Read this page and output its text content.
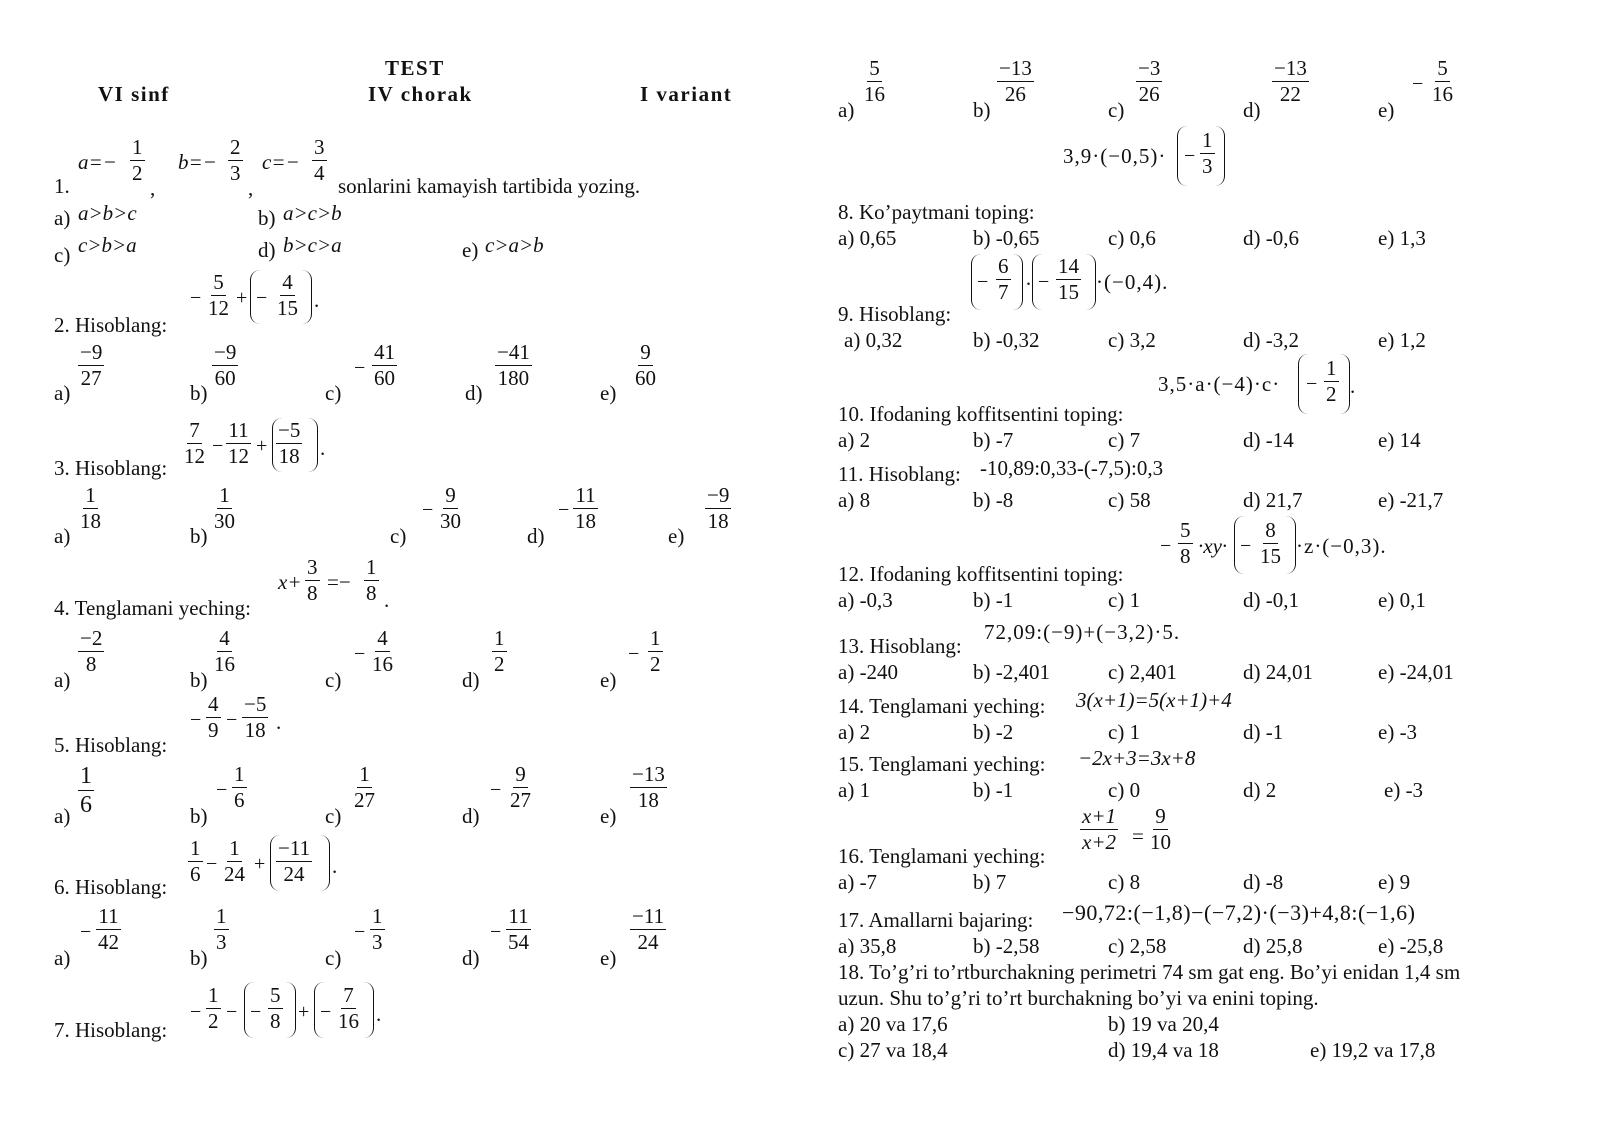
TEST
VI sinf	IV chorak	I variant
1.
$a=- \frac{1}{2}$
,
$b=- \frac{2}{3}$
,
$c=- \frac{3}{4}$
sonlarini kamayish tartibida yozing.
a) a>b>c	b) a>c>b
c) c>b>a	d) b>c>a	e) c>a>b
− $\frac{5}{12}$ + − $\frac{4}{15}$ .
2. Hisoblang:
a)
$\frac{-9}{27}$
b)
$\frac{-9}{60}$
c)
− $\frac{41}{60}$
d)
$\frac{-41}{180}$
e)
$\frac{9}{60}$
$\frac{7}{12} - \frac{11}{12} + \frac{-5}{18}$ .
3. Hisoblang:
a)
$\frac{1}{18}$
b)
$\frac{1}{30}$
c)
− $\frac{9}{30}$
d)
− $\frac{11}{18}$
e)
$\frac{-9}{18}$
$x+ \frac{3}{8} =- \frac{1}{8}$ .
4. Tenglamani yeching:
a)
$\frac{-2}{8}$
b)
$\frac{4}{16}$
c)
− $\frac{4}{16}$
d)
$\frac{1}{2}$
e)
− $\frac{1}{2}$
− $\frac{4}{9} - \frac{-5}{18}$ .
5. Hisoblang:
$a) \frac{1}{6}$	b)
− $\frac{1}{6}$
c)
$\frac{1}{27}$
d)
− $\frac{9}{27}$
e)
$\frac{-13}{18}$
$\frac{1}{6} - \frac{1}{24} + \frac{-11}{24}$ .
6. Hisoblang:
a)
− $\frac{11}{42}$
b)
$\frac{1}{3}$
c)
− $\frac{1}{3}$
d)
− $\frac{11}{54}$
e)
$\frac{-11}{24}$
− $\frac{1}{2}$ − − $\frac{5}{8}$ + − $\frac{7}{16}$ .
7. Hisoblang:
a)
$\frac{5}{16}$
b)
$\frac{-13}{26}$
c)
$\frac{-3}{26}$
d)
$\frac{-13}{22}$
e)
− $\frac{5}{16}$
$3,9\cdot(-0,5)\cdot - \frac{1}{3}$
8. Ko’paytmani toping:
a) 0,65	b) -0,65	c) 0,6	d) -0,6	e) 1,3
− $\frac{6}{7}$ · − $\frac{14}{15} \cdot(-0,4)$.
9. Hisoblang:
a) 0,32	b) -0,32	c) 3,2	d) -3,2	e) 1,2
$3,5\cdot a\cdot(-4)\cdot c\cdot - \frac{1}{2}$ .
10. Ifodaning koffitsentini toping:
a) 2	b) -7	c) 7	d) -14	e) 14
11. Hisoblang: -10,89:0,33-(-7,5):0,3
a) 8	b) -8	c) 58	d) 21,7	e) -21,7
− $\frac{5}{8} \cdot xy\cdot - \frac{8}{15} \cdot z\cdot(-0,3)$.
12. Ifodaning koffitsentini toping:
a) -0,3	b) -1	c) 1	d) -0,1	e) 0,1
72,09:(−9)+(−3,2)·5.
13. Hisoblang:
a) -240	b) -2,401	c) 2,401	d) 24,01	e) -24,01
14. Tenglamani yeching: 3(x+1)=5(x+1)+4
a) 2	b) -2	c) 1	d) -1	e) -3
15. Tenglamani yeching: −2x+3=3x+8
a) 1	b) -1	c) 0	d) 2	e) -3
$\frac{x+1}{x+2} = \frac{9}{10}$
16. Tenglamani yeching:
a) -7	b) 7	c) 8	d) -8	e) 9
17. Amallarni bajaring: −90,72:(−1,8)−(−7,2)·(−3)+4,8:(−1,6)
a) 35,8	b) -2,58	c) 2,58	d) 25,8	e) -25,8
18. To’g’ri to’rtburchakning perimetri 74 sm gat eng. Bo’yi enidan 1,4 sm
uzun. Shu to’g’ri to’rt burchakning bo’yi va enini toping.
a) 20 va 17,6	b) 19 va 20,4
c) 27 va 18,4	d) 19,4 va 18	e) 19,2 va 17,8
